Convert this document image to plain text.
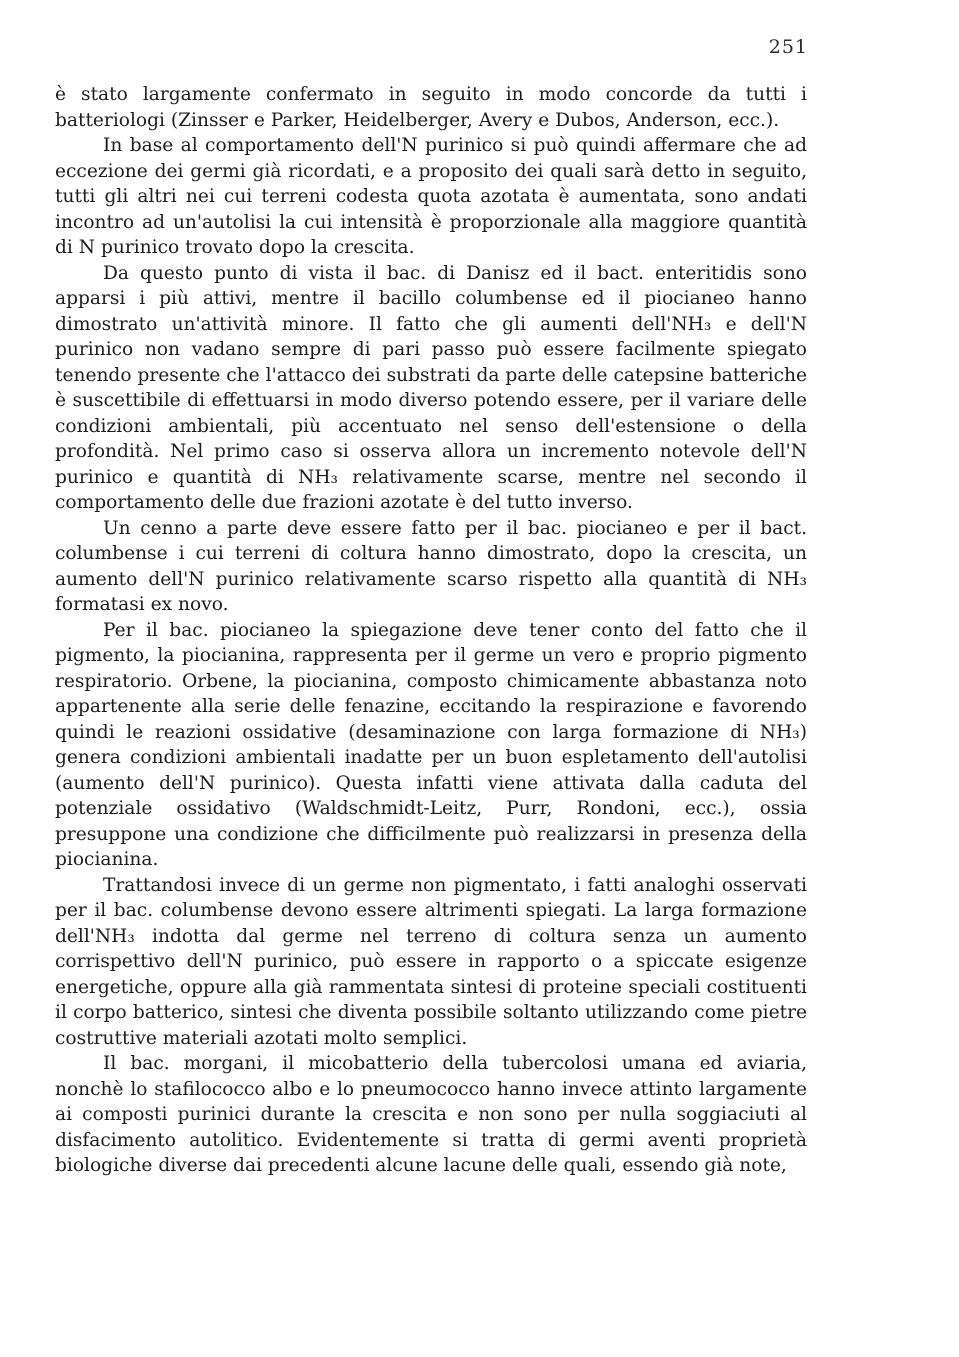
251

è stato largamente confermato in seguito in modo concorde da tutti i batteriologi (Zinsser e Parker, Heidelberger, Avery e Dubos, Anderson, ecc.).

In base al comportamento dell'N purinico si può quindi affermare che ad eccezione dei germi già ricordati, e a proposito dei quali sarà detto in seguito, tutti gli altri nei cui terreni codesta quota azotata è aumentata, sono andati incontro ad un'autolisi la cui intensità è proporzionale alla maggiore quantità di N purinico trovato dopo la crescita.

Da questo punto di vista il bac. di Danisz ed il bact. enteritidis sono apparsi i più attivi, mentre il bacillo columbense ed il piocianeo hanno dimostrato un'attività minore. Il fatto che gli aumenti dell'NH₃ e dell'N purinico non vadano sempre di pari passo può essere facilmente spiegato tenendo presente che l'attacco dei substrati da parte delle catepsine batteriche è suscettibile di effettuarsi in modo diverso potendo essere, per il variare delle condizioni ambientali, più accentuato nel senso dell'estensione o della profondità. Nel primo caso si osserva allora un incremento notevole dell'N purinico e quantità di NH₃ relativamente scarse, mentre nel secondo il comportamento delle due frazioni azotate è del tutto inverso.

Un cenno a parte deve essere fatto per il bac. piocianeo e per il bact. columbense i cui terreni di coltura hanno dimostrato, dopo la crescita, un aumento dell'N purinico relativamente scarso rispetto alla quantità di NH₃ formatasi ex novo.

Per il bac. piocianeo la spiegazione deve tener conto del fatto che il pigmento, la piocianina, rappresenta per il germe un vero e proprio pigmento respiratorio. Orbene, la piocianina, composto chimicamente abbastanza noto appartenente alla serie delle fenazine, eccitando la respirazione e favorendo quindi le reazioni ossidative (desaminazione con larga formazione di NH₃) genera condizioni ambientali inadatte per un buon espletamento dell'autolisi (aumento dell'N purinico). Questa infatti viene attivata dalla caduta del potenziale ossidativo (Waldschmidt-Leitz, Purr, Rondoni, ecc.), ossia presuppone una condizione che difficilmente può realizzarsi in presenza della piocianina.

Trattandosi invece di un germe non pigmentato, i fatti analoghi osservati per il bac. columbense devono essere altrimenti spiegati. La larga formazione dell'NH₃ indotta dal germe nel terreno di coltura senza un aumento corrispettivo dell'N purinico, può essere in rapporto o a spiccate esigenze energetiche, oppure alla già rammentata sintesi di proteine speciali costituenti il corpo batterico, sintesi che diventa possibile soltanto utilizzando come pietre costruttive materiali azotati molto semplici.

Il bac. morgani, il micobatterio della tubercolosi umana ed aviaria, nonchè lo stafilococco albo e lo pneumococco hanno invece attinto largamente ai composti purinici durante la crescita e non sono per nulla soggiaciuti al disfacimento autolitico. Evidentemente si tratta di germi aventi proprietà biologiche diverse dai precedenti alcune lacune delle quali, essendo già note,
